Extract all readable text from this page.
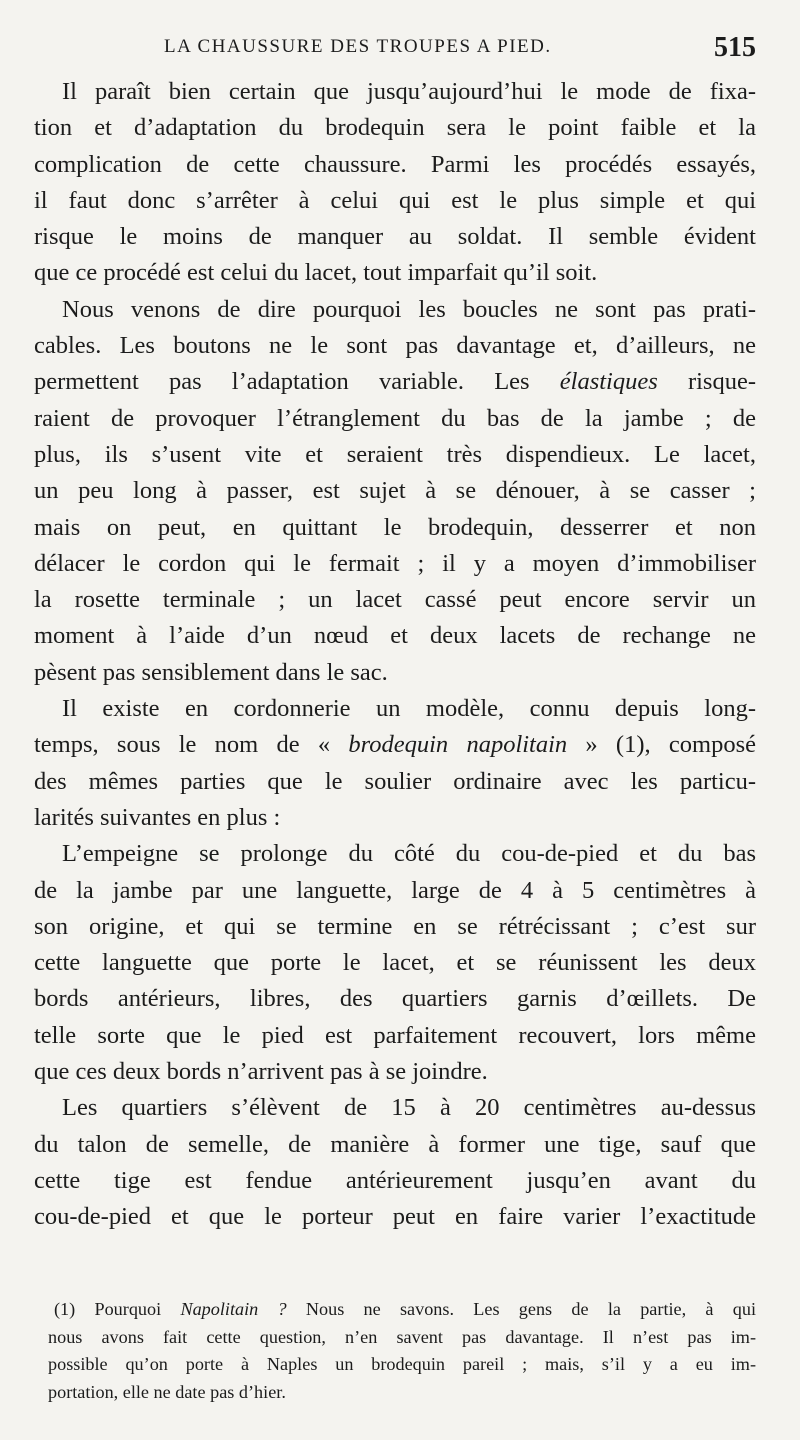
LA CHAUSSURE DES TROUPES A PIED.	515
Il paraît bien certain que jusqu’aujourd’hui le mode de fixa-
tion et d’adaptation du brodequin sera le point faible et la
complication de cette chaussure. Parmi les procédés essayés,
il faut donc s’arrêter à celui qui est le plus simple et qui
risque le moins de manquer au soldat. Il semble évident
que ce procédé est celui du lacet, tout imparfait qu’il soit.
Nous venons de dire pourquoi les boucles ne sont pas prati-
cables. Les boutons ne le sont pas davantage et, d’ailleurs, ne
permettent pas l’adaptation variable. Les élastiques risque-
raient de provoquer l’étranglement du bas de la jambe ; de
plus, ils s’usent vite et seraient très dispendieux. Le lacet,
un peu long à passer, est sujet à se dénouer, à se casser ;
mais on peut, en quittant le brodequin, desserrer et non
délacer le cordon qui le fermait ; il y a moyen d’immobiliser
la rosette terminale ; un lacet cassé peut encore servir un
moment à l’aide d’un nœud et deux lacets de rechange ne
pèsent pas sensiblement dans le sac.
Il existe en cordonnerie un modèle, connu depuis long-
temps, sous le nom de « brodequin napolitain » (1), composé
des mêmes parties que le soulier ordinaire avec les particu-
larités suivantes en plus :
L’empeigne se prolonge du côté du cou-de-pied et du bas
de la jambe par une languette, large de 4 à 5 centimètres à
son origine, et qui se termine en se rétrécissant ; c’est sur
cette languette que porte le lacet, et se réunissent les deux
bords antérieurs, libres, des quartiers garnis d’œillets. De
telle sorte que le pied est parfaitement recouvert, lors même
que ces deux bords n’arrivent pas à se joindre.
Les quartiers s’élèvent de 15 à 20 centimètres au-dessus
du talon de semelle, de manière à former une tige, sauf que
cette tige est fendue antérieurement jusqu’en avant du
cou-de-pied et que le porteur peut en faire varier l’exactitude
(1) Pourquoi Napolitain ? Nous ne savons. Les gens de la partie, à qui
nous avons fait cette question, n’en savent pas davantage. Il n’est pas im-
possible qu’on porte à Naples un brodequin pareil ; mais, s’il y a eu im-
portation, elle ne date pas d’hier.
